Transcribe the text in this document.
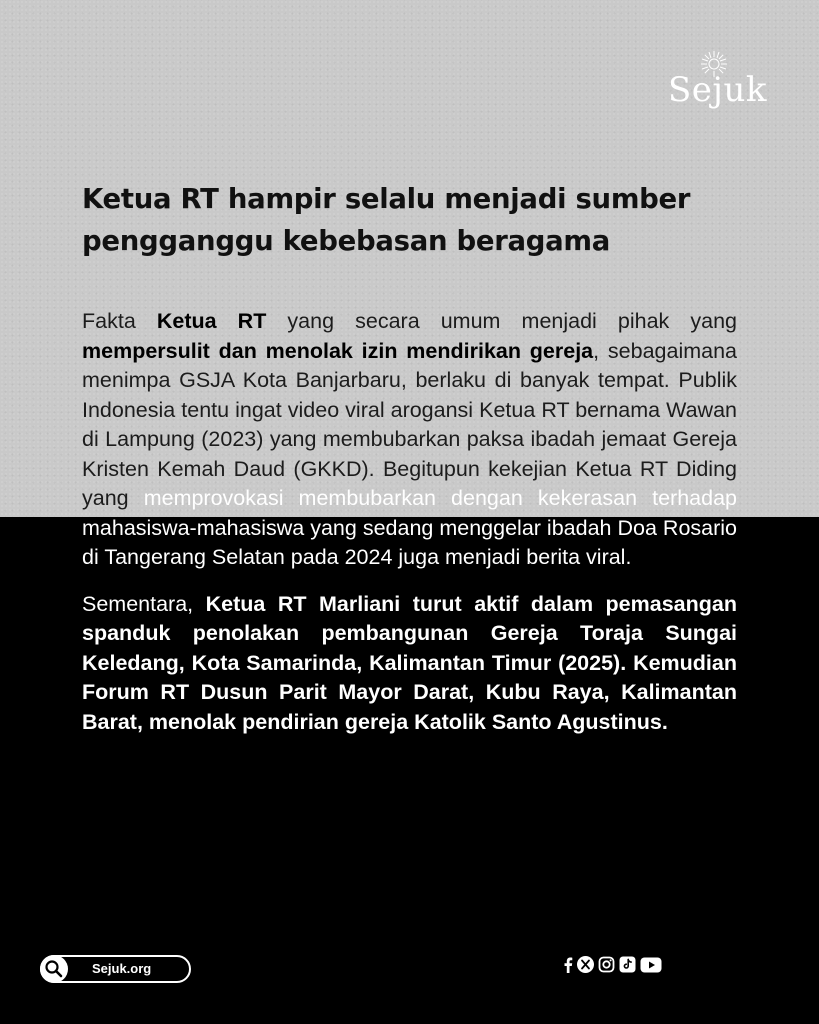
Sejuk
Ketua RT hampir selalu menjadi sumber pengganggu kebebasan beragama

Fakta Ketua RT yang secara umum menjadi pihak yang mempersulit dan menolak izin mendirikan gereja, sebagaimana menimpa GSJA Kota Banjarbaru, berlaku di banyak tempat. Publik Indonesia tentu ingat video viral arogansi Ketua RT bernama Wawan di Lampung (2023) yang membubarkan paksa ibadah jemaat Gereja Kristen Kemah Daud (GKKD). Begitupun kekejian Ketua RT Diding yang memprovokasi membubarkan dengan kekerasan terhadap mahasiswa-mahasiswa yang sedang menggelar ibadah Doa Rosario di Tangerang Selatan pada 2024 juga menjadi berita viral.

Sementara, Ketua RT Marliani turut aktif dalam pemasangan spanduk penolakan pembangunan Gereja Toraja Sungai Keledang, Kota Samarinda, Kalimantan Timur (2025). Kemudian Forum RT Dusun Parit Mayor Darat, Kubu Raya, Kalimantan Barat, menolak pendirian gereja Katolik Santo Agustinus.

Sejuk.org
